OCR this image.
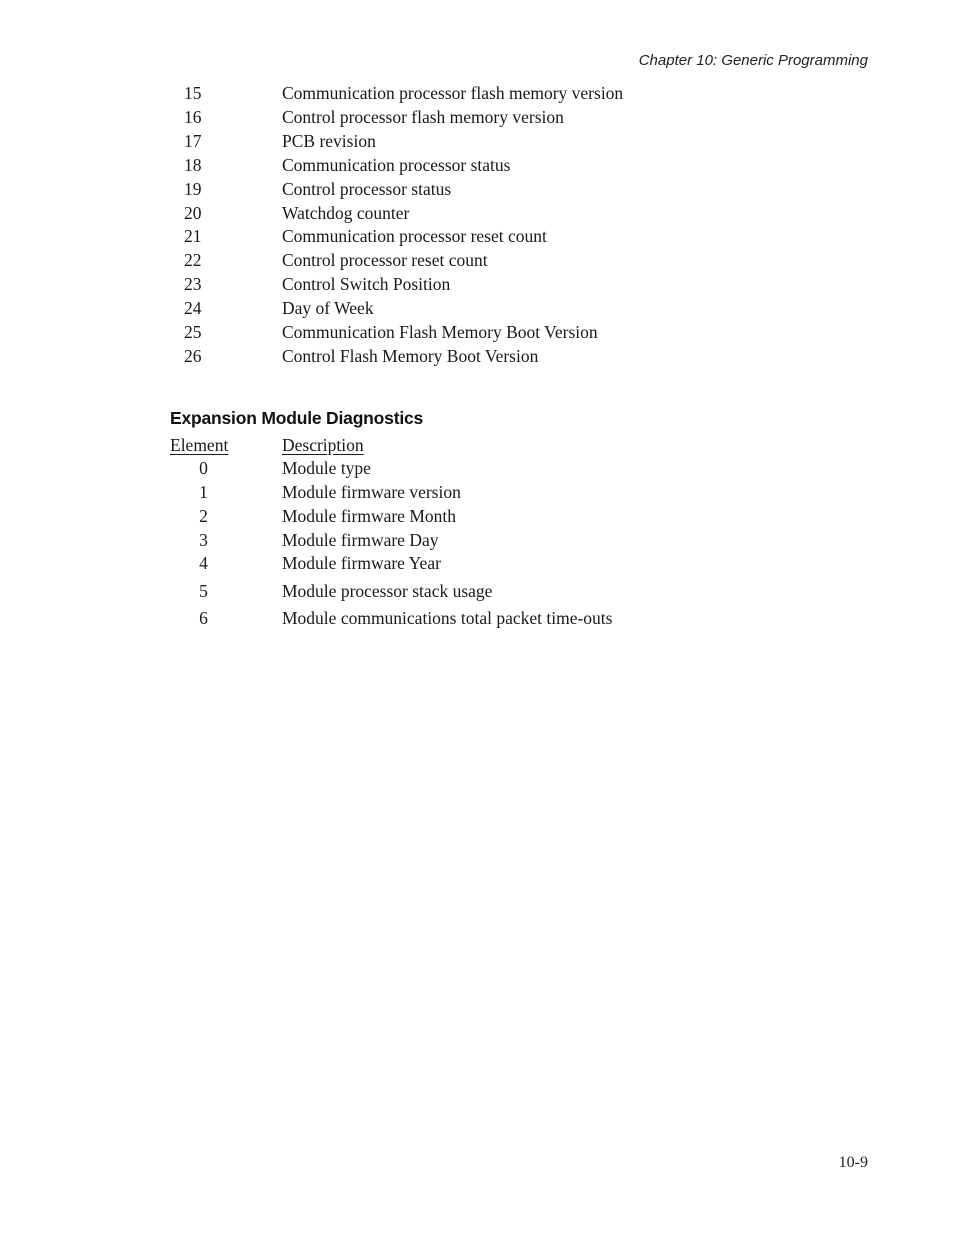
Chapter 10: Generic Programming
15	Communication processor flash memory version
16	Control processor flash memory version
17	PCB revision
18	Communication processor status
19	Control processor status
20	Watchdog counter
21	Communication processor reset count
22	Control processor reset count
23	Control Switch Position
24	Day of Week
25	Communication Flash Memory Boot Version
26	Control Flash Memory Boot Version
Expansion Module Diagnostics
Element	Description
0	Module type
1	Module firmware version
2	Module firmware Month
3	Module firmware Day
4	Module firmware Year
5	Module processor stack usage
6	Module communications total packet time-outs
10-9
